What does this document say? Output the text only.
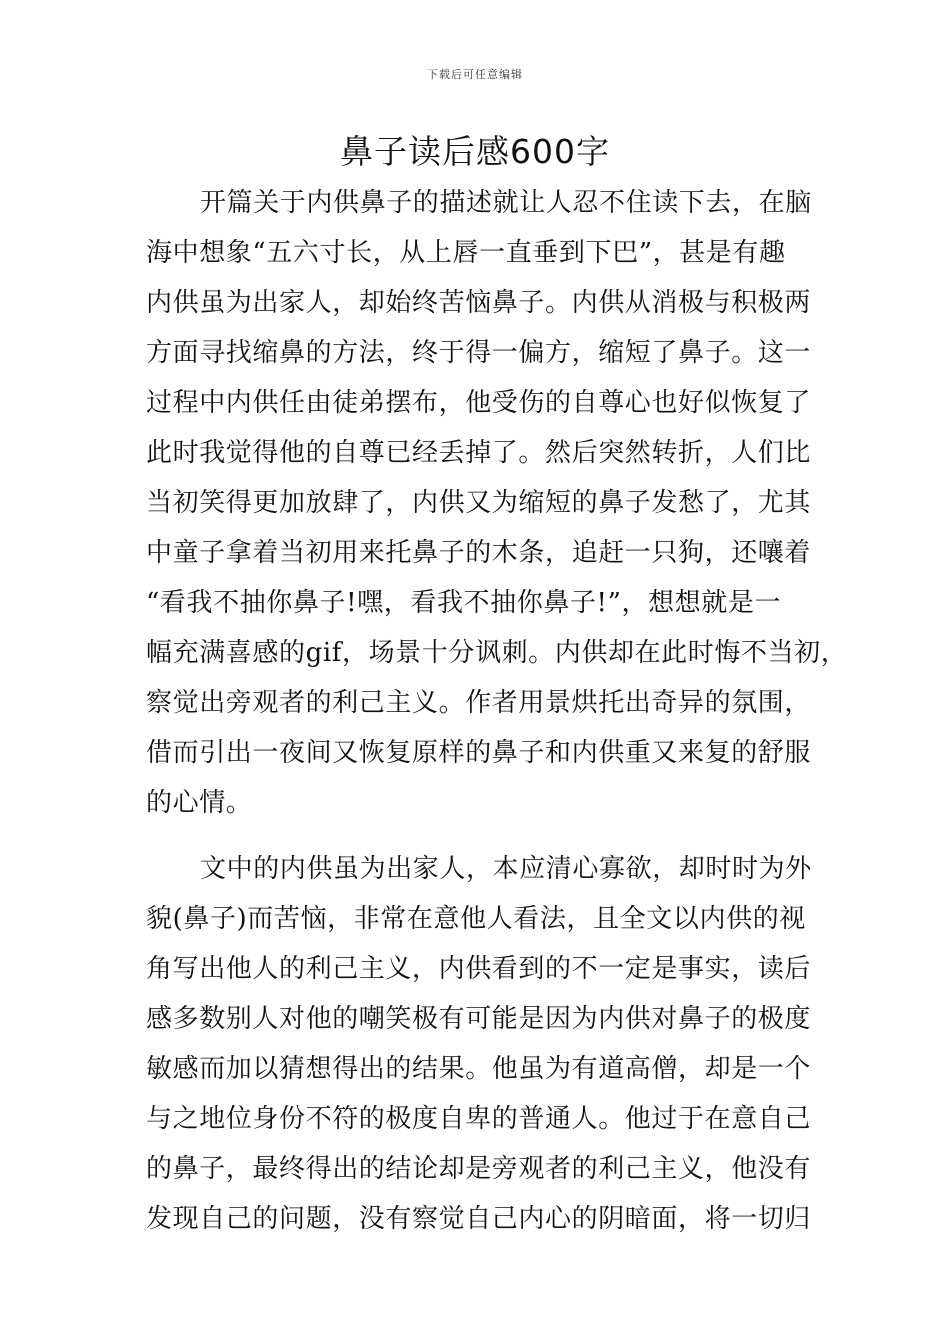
下载后可任意编辑
鼻子读后感600字
开篇关于内供鼻子的描述就让人忍不住读下去，在脑
海中想象“五六寸长，从上唇一直垂到下巴”，甚是有趣
内供虽为出家人，却始终苦恼鼻子。内供从消极与积极两
方面寻找缩鼻的方法，终于得一偏方，缩短了鼻子。这一
过程中内供任由徒弟摆布，他受伤的自尊心也好似恢复了
此时我觉得他的自尊已经丢掉了。然后突然转折，人们比
当初笑得更加放肆了，内供又为缩短的鼻子发愁了，尤其
中童子拿着当初用来托鼻子的木条，追赶一只狗，还嚷着
“看我不抽你鼻子!嘿，看我不抽你鼻子!”，想想就是一
幅充满喜感的gif，场景十分讽刺。内供却在此时悔不当初，
察觉出旁观者的利己主义。作者用景烘托出奇异的氛围，
借而引出一夜间又恢复原样的鼻子和内供重又来复的舒服
的心情。
文中的内供虽为出家人，本应清心寡欲，却时时为外
貌(鼻子)而苦恼，非常在意他人看法，且全文以内供的视
角写出他人的利己主义，内供看到的不一定是事实，读后
感多数别人对他的嘲笑极有可能是因为内供对鼻子的极度
敏感而加以猜想得出的结果。他虽为有道高僧，却是一个
与之地位身份不符的极度自卑的普通人。他过于在意自己
的鼻子，最终得出的结论却是旁观者的利己主义，他没有
发现自己的问题，没有察觉自己内心的阴暗面，将一切归
